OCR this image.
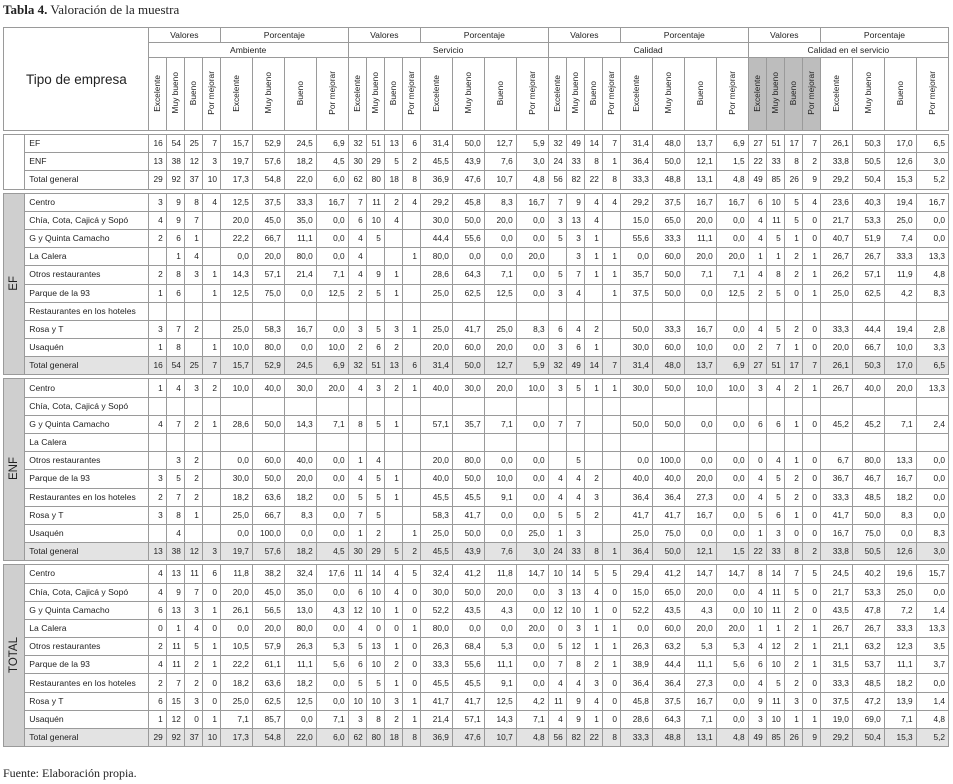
Tabla 4. Valoración de la muestra
Tipo de empresa		Valores				Porcentaje				Valores				Porcentaje				Valores				Porcentaje				Valores				Porcentaje			
		Ambiente								Servicio								Calidad								Calidad en el servicio							
		Excelente	Muy bueno	Bueno	Por mejorar	Excelente	Muy bueno	Bueno	Por mejorar	Excelente	Muy bueno	Bueno	Por mejorar	Excelente	Muy bueno	Bueno	Por mejorar	Excelente	Muy bueno	Bueno	Por mejorar	Excelente	Muy bueno	Bueno	Por mejorar	Excelente	Muy bueno	Bueno	Por mejorar	Excelente	Muy bueno	Bueno	Por mejorar

	EF	16	54	25	7	15,7	52,9	24,5	6,9	32	51	13	6	31,4	50,0	12,7	5,9	32	49	14	7	31,4	48,0	13,7	6,9	27	51	17	7	26,1	50,3	17,0	6,5
	ENF	13	38	12	3	19,7	57,6	18,2	4,5	30	29	5	2	45,5	43,9	7,6	3,0	24	33	8	1	36,4	50,0	12,1	1,5	22	33	8	2	33,8	50,5	12,6	3,0
	Total general	29	92	37	10	17,3	54,8	22,0	6,0	62	80	18	8	36,9	47,6	10,7	4,8	56	82	22	8	33,3	48,8	13,1	4,8	49	85	26	9	29,2	50,4	15,3	5,2

EF	Centro	3	9	8	4	12,5	37,5	33,3	16,7	7	11	2	4	29,2	45,8	8,3	16,7	7	9	4	4	29,2	37,5	16,7	16,7	6	10	5	4	23,6	40,3	19,4	16,7
	Chía, Cota, Cajicá y Sopó	4	9	7		20,0	45,0	35,0	0,0	6	10	4		30,0	50,0	20,0	0,0	3	13	4		15,0	65,0	20,0	0,0	4	11	5	0	21,7	53,3	25,0	0,0
	G y Quinta Camacho	2	6	1		22,2	66,7	11,1	0,0	4	5			44,4	55,6	0,0	0,0	5	3	1		55,6	33,3	11,1	0,0	4	5	1	0	40,7	51,9	7,4	0,0
	La Calera		1	4		0,0	20,0	80,0	0,0	4			1	80,0	0,0	0,0	20,0		3	1	1	0,0	60,0	20,0	20,0	1	1	2	1	26,7	26,7	33,3	13,3
	Otros restaurantes	2	8	3	1	14,3	57,1	21,4	7,1	4	9	1		28,6	64,3	7,1	0,0	5	7	1	1	35,7	50,0	7,1	7,1	4	8	2	1	26,2	57,1	11,9	4,8
	Parque de la 93	1	6		1	12,5	75,0	0,0	12,5	2	5	1		25,0	62,5	12,5	0,0	3	4		1	37,5	50,0	0,0	12,5	2	5	0	1	25,0	62,5	4,2	8,3
	Restaurantes en los hoteles																																
	Rosa y T	3	7	2		25,0	58,3	16,7	0,0	3	5	3	1	25,0	41,7	25,0	8,3	6	4	2		50,0	33,3	16,7	0,0	4	5	2	0	33,3	44,4	19,4	2,8
	Usaquén	1	8		1	10,0	80,0	0,0	10,0	2	6	2		20,0	60,0	20,0	0,0	3	6	1		30,0	60,0	10,0	0,0	2	7	1	0	20,0	66,7	10,0	3,3
	Total general	16	54	25	7	15,7	52,9	24,5	6,9	32	51	13	6	31,4	50,0	12,7	5,9	32	49	14	7	31,4	48,0	13,7	6,9	27	51	17	7	26,1	50,3	17,0	6,5

ENF	Centro	1	4	3	2	10,0	40,0	30,0	20,0	4	3	2	1	40,0	30,0	20,0	10,0	3	5	1	1	30,0	50,0	10,0	10,0	3	4	2	1	26,7	40,0	20,0	13,3
	Chía, Cota, Cajicá y Sopó																																
	G y Quinta Camacho	4	7	2	1	28,6	50,0	14,3	7,1	8	5	1		57,1	35,7	7,1	0,0	7	7			50,0	50,0	0,0	0,0	6	6	1	0	45,2	45,2	7,1	2,4
	La Calera																																
	Otros restaurantes		3	2		0,0	60,0	40,0	0,0	1	4			20,0	80,0	0,0	0,0		5			0,0	100,0	0,0	0,0	0	4	1	0	6,7	80,0	13,3	0,0
	Parque de la 93	3	5	2		30,0	50,0	20,0	0,0	4	5	1		40,0	50,0	10,0	0,0	4	4	2		40,0	40,0	20,0	0,0	4	5	2	0	36,7	46,7	16,7	0,0
	Restaurantes en los hoteles	2	7	2		18,2	63,6	18,2	0,0	5	5	1		45,5	45,5	9,1	0,0	4	4	3		36,4	36,4	27,3	0,0	4	5	2	0	33,3	48,5	18,2	0,0
	Rosa y T	3	8	1		25,0	66,7	8,3	0,0	7	5			58,3	41,7	0,0	0,0	5	5	2		41,7	41,7	16,7	0,0	5	6	1	0	41,7	50,0	8,3	0,0
	Usaquén		4			0,0	100,0	0,0	0,0	1	2		1	25,0	50,0	0,0	25,0	1	3			25,0	75,0	0,0	0,0	1	3	0	0	16,7	75,0	0,0	8,3
	Total general	13	38	12	3	19,7	57,6	18,2	4,5	30	29	5	2	45,5	43,9	7,6	3,0	24	33	8	1	36,4	50,0	12,1	1,5	22	33	8	2	33,8	50,5	12,6	3,0

TOTAL	Centro	4	13	11	6	11,8	38,2	32,4	17,6	11	14	4	5	32,4	41,2	11,8	14,7	10	14	5	5	29,4	41,2	14,7	14,7	8	14	7	5	24,5	40,2	19,6	15,7
	Chía, Cota, Cajicá y Sopó	4	9	7	0	20,0	45,0	35,0	0,0	6	10	4	0	30,0	50,0	20,0	0,0	3	13	4	0	15,0	65,0	20,0	0,0	4	11	5	0	21,7	53,3	25,0	0,0
	G y Quinta Camacho	6	13	3	1	26,1	56,5	13,0	4,3	12	10	1	0	52,2	43,5	4,3	0,0	12	10	1	0	52,2	43,5	4,3	0,0	10	11	2	0	43,5	47,8	7,2	1,4
	La Calera	0	1	4	0	0,0	20,0	80,0	0,0	4	0	0	1	80,0	0,0	0,0	20,0	0	3	1	1	0,0	60,0	20,0	20,0	1	1	2	1	26,7	26,7	33,3	13,3
	Otros restaurantes	2	11	5	1	10,5	57,9	26,3	5,3	5	13	1	0	26,3	68,4	5,3	0,0	5	12	1	1	26,3	63,2	5,3	5,3	4	12	2	1	21,1	63,2	12,3	3,5
	Parque de la 93	4	11	2	1	22,2	61,1	11,1	5,6	6	10	2	0	33,3	55,6	11,1	0,0	7	8	2	1	38,9	44,4	11,1	5,6	6	10	2	1	31,5	53,7	11,1	3,7
	Restaurantes en los hoteles	2	7	2	0	18,2	63,6	18,2	0,0	5	5	1	0	45,5	45,5	9,1	0,0	4	4	3	0	36,4	36,4	27,3	0,0	4	5	2	0	33,3	48,5	18,2	0,0
	Rosa y T	6	15	3	0	25,0	62,5	12,5	0,0	10	10	3	1	41,7	41,7	12,5	4,2	11	9	4	0	45,8	37,5	16,7	0,0	9	11	3	0	37,5	47,2	13,9	1,4
	Usaquén	1	12	0	1	7,1	85,7	0,0	7,1	3	8	2	1	21,4	57,1	14,3	7,1	4	9	1	0	28,6	64,3	7,1	0,0	3	10	1	1	19,0	69,0	7,1	4,8
	Total general	29	92	37	10	17,3	54,8	22,0	6,0	62	80	18	8	36,9	47,6	10,7	4,8	56	82	22	8	33,3	48,8	13,1	4,8	49	85	26	9	29,2	50,4	15,3	5,2
Fuente: Elaboración propia.
